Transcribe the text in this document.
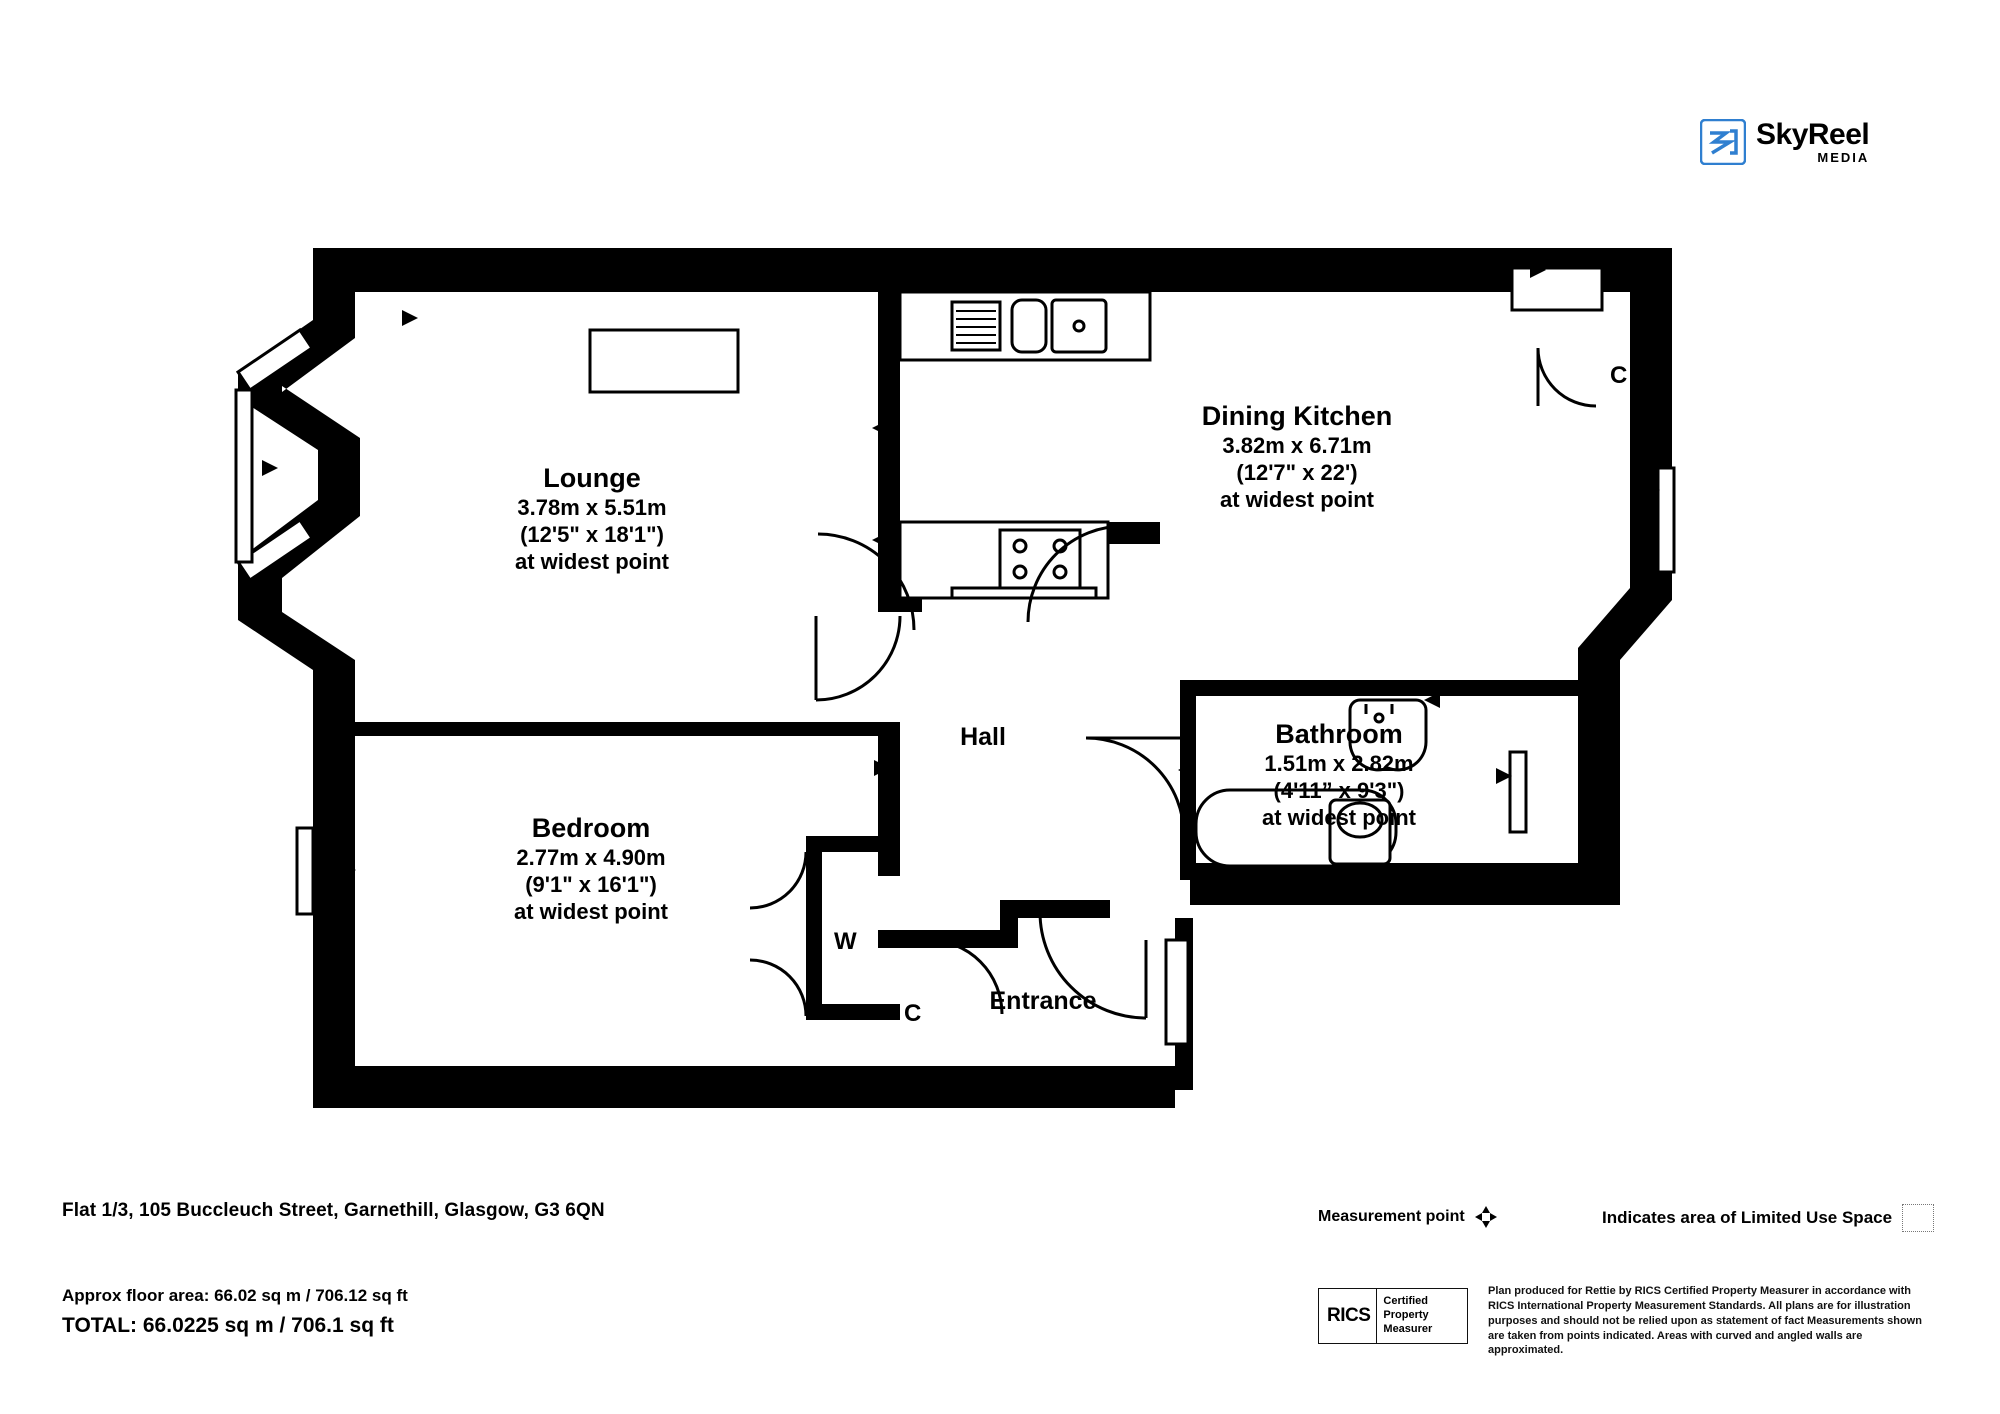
SkyReel
MEDIA
Lounge
3.78m x 5.51m
(12'5" x 18'1")
at widest point
Dining Kitchen
3.82m x 6.71m
(12'7" x 22')
at widest point
Bedroom
2.77m x 4.90m
(9'1" x 16'1")
at widest point
Bathroom
1.51m x 2.82m
(4'11” x 9'3")
at widest point
Hall
Entrance
C
W
C
Flat 1/3, 105 Buccleuch Street, Garnethill, Glasgow, G3 6QN	Measurement point	Indicates area of Limited Use Space
Approx floor area: 66.02 sq m / 706.12 sq ft
TOTAL: 66.0225 sq m / 706.1 sq ft	RICS
Certified
Property
Measurer
Plan produced for Rettie by RICS Certified Property Measurer in accordance with RICS International Property Measurement Standards. All plans are for illustration purposes and should not be relied upon as statement of fact Measurements shown are taken from points indicated. Areas with curved and angled walls are approximated.
